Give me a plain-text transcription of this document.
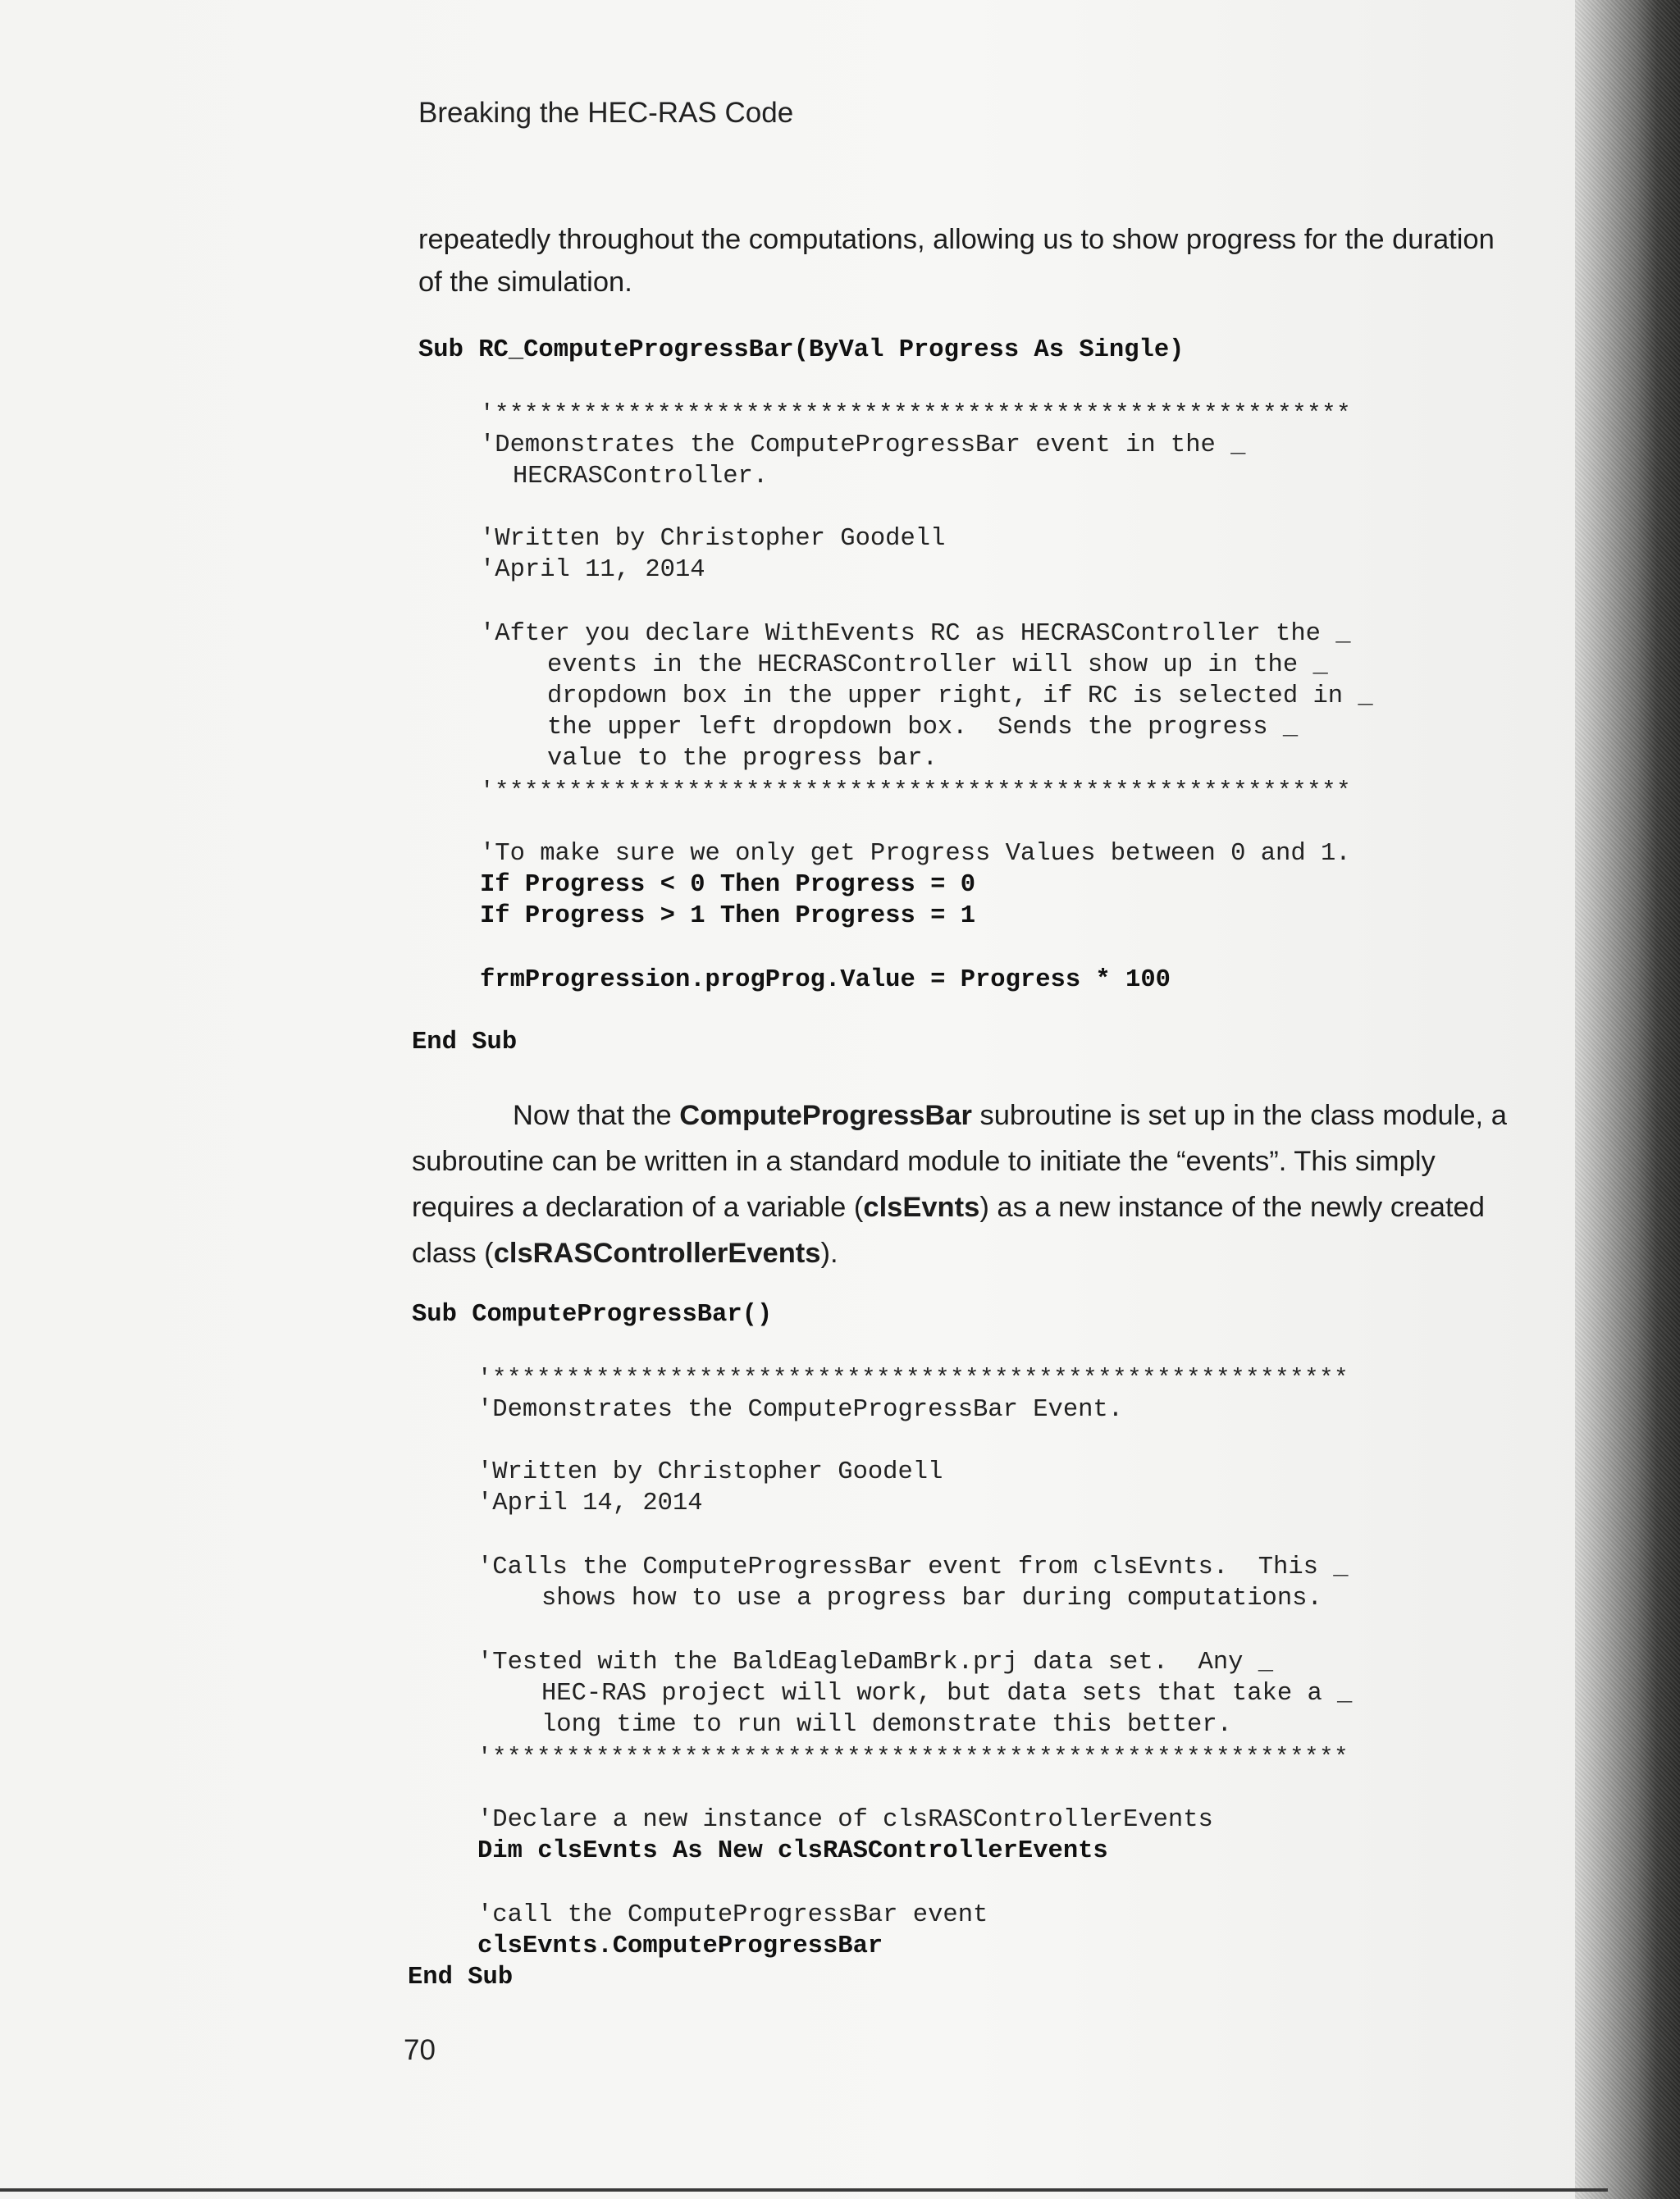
Breaking the HEC-RAS Code
repeatedly throughout the computations, allowing us to show progress for the duration
of the simulation.
Sub RC_ComputeProgressBar(ByVal Progress As Single)
'**********************************************************
'Demonstrates the ComputeProgressBar event in the _
HECRASController.
'Written by Christopher Goodell
'April 11, 2014
'After you declare WithEvents RC as HECRASController the _
events in the HECRASController will show up in the _
dropdown box in the upper right, if RC is selected in _
the upper left dropdown box.  Sends the progress _
value to the progress bar.
'**********************************************************
'To make sure we only get Progress Values between 0 and 1.
If Progress < 0 Then Progress = 0
If Progress > 1 Then Progress = 1
frmProgression.progProg.Value = Progress * 100
End Sub
Now that the ComputeProgressBar subroutine is set up in the class module, a
subroutine can be written in a standard module to initiate the “events”. This simply
requires a declaration of a variable (clsEvnts) as a new instance of the newly created
class (clsRASControllerEvents).
Sub ComputeProgressBar()
'**********************************************************
'Demonstrates the ComputeProgressBar Event.
'Written by Christopher Goodell
'April 14, 2014
'Calls the ComputeProgressBar event from clsEvnts.  This _
shows how to use a progress bar during computations.
'Tested with the BaldEagleDamBrk.prj data set.  Any _
HEC-RAS project will work, but data sets that take a _
long time to run will demonstrate this better.
'**********************************************************
'Declare a new instance of clsRASControllerEvents
Dim clsEvnts As New clsRASControllerEvents
'call the ComputeProgressBar event
clsEvnts.ComputeProgressBar
End Sub
70
